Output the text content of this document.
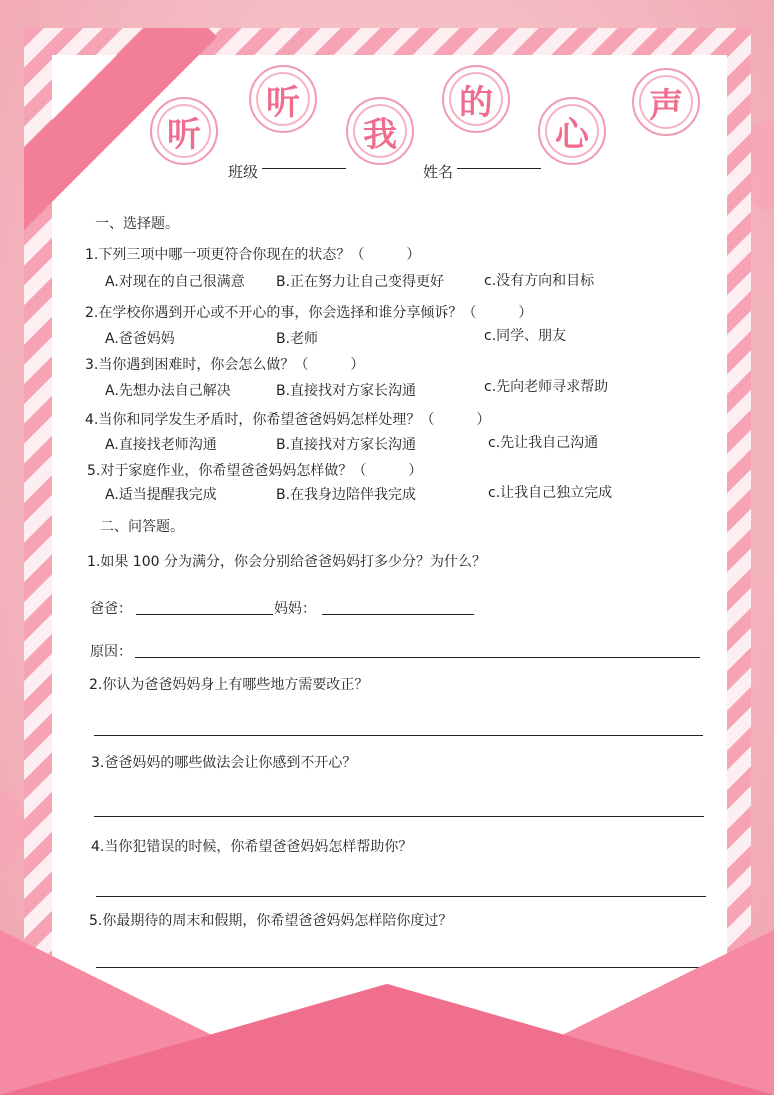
听
听
我
的
心
声
班级	姓名
一、选择题。
1.下列三项中哪一项更符合你现在的状态？（　　　）
A.对现在的自己很满意 B.正在努力让自己变得更好	c.没有方向和目标
2.在学校你遇到开心或不开心的事，你会选择和谁分享倾诉？（　　　）
A.爸爸妈妈	B.老师	c.同学、朋友
3.当你遇到困难时，你会怎么做？（　　　）
A.先想办法自己解决	B.直接找对方家长沟通	c.先向老师寻求帮助
4.当你和同学发生矛盾时，你希望爸爸妈妈怎样处理？（　　　）
A.直接找老师沟通	B.直接找对方家长沟通	c.先让我自己沟通
5.对于家庭作业，你希望爸爸妈妈怎样做？（　　　）
A.适当提醒我完成	B.在我身边陪伴我完成	c.让我自己独立完成
二、问答题。
1.如果 100 分为满分，你会分别给爸爸妈妈打多少分？为什么？
爸爸：	妈妈：
原因：
2.你认为爸爸妈妈身上有哪些地方需要改正？
3.爸爸妈妈的哪些做法会让你感到不开心？
4.当你犯错误的时候，你希望爸爸妈妈怎样帮助你？
5.你最期待的周末和假期，你希望爸爸妈妈怎样陪你度过？
